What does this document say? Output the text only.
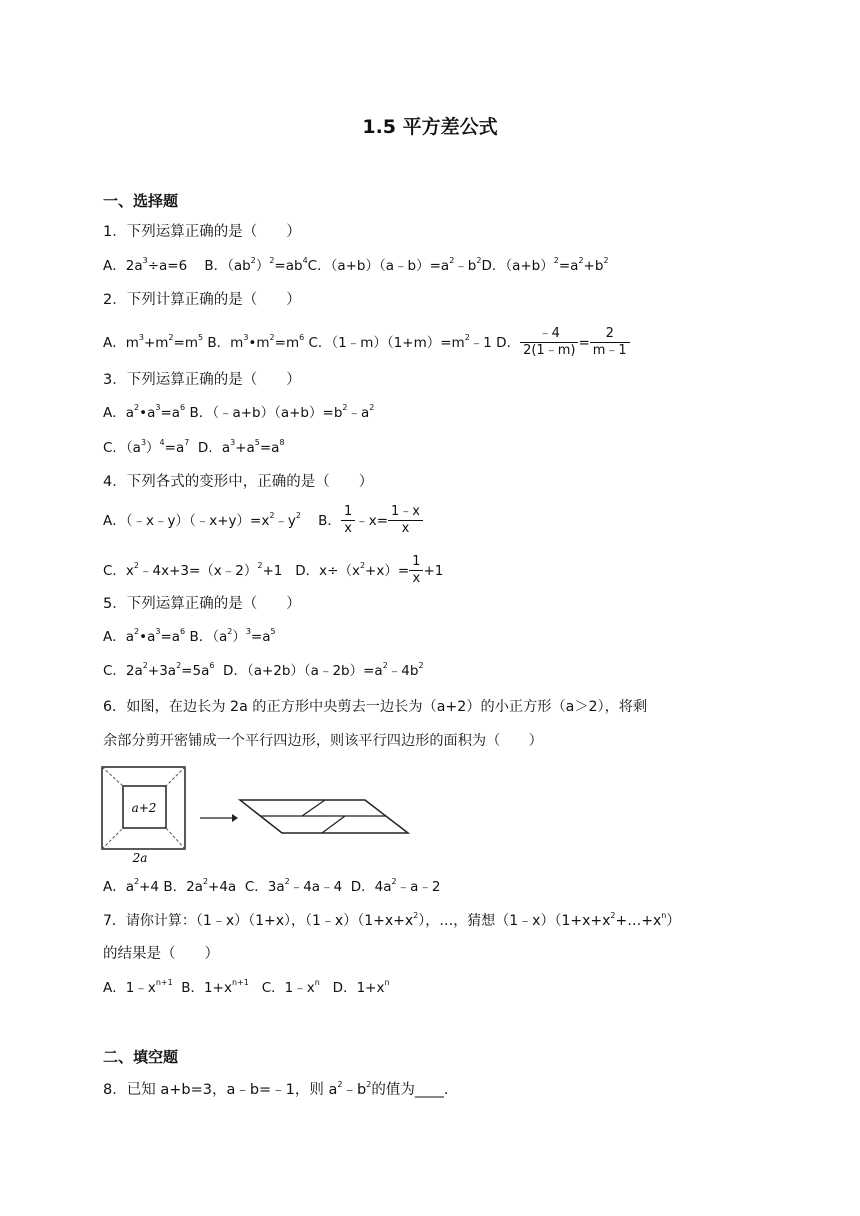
1.5 平方差公式
一、选择题
1．下列运算正确的是（　　）
A．$2a^3\div a=6$ B．$(ab^2)^2=ab^4C$．$(a+b)(a﹣b)=a^2﹣b^2D$．$(a+b)^2=a^2+b^2$
2．下列计算正确的是（　　）
A．$m^3+m^2=m^5$ B．$m^3•m^2=m^6$ C．$(1﹣m)(1+m)=m^2﹣1$ D． $\frac{﹣4}{2(1﹣m)} = \frac{2}{m﹣1}$
3．下列运算正确的是（　　）
A．$a^2•a^3=a^6$ B．$(﹣a+b)(a+b)=b^2﹣a^2$
C．$(a^3)^4=a^7$ D．$a^3+a^5=a^8$
4．下列各式的变形中，正确的是（　　）
A．$(﹣x﹣y)(﹣x+y)=x^2﹣y^2$ B． $\frac{1}{x}$ ﹣x= $\frac{1﹣x}{x}$
C．$x^2﹣4x+3=(x﹣2)^2+1$ D．$x\div(x^2+x)= \frac{1}{x} +1$
5．下列运算正确的是（　　）
A．$a^2•a^3=a^6$ B．$(a^2)^3=a^5$
C．$2a^2+3a^2=5a^6$ D．$(a+2b)(a﹣2b)=a^2﹣4b^2$
6．如图，在边长为 2a 的正方形中央剪去一边长为（a+2）的小正方形（a＞2），将剩
余部分剪开密铺成一个平行四边形，则该平行四边形的面积为（　　）
a+2
2a
A．$a^2+4$ B．$2a^2+4a$ C．$3a^2﹣4a﹣4$ D．$4a^2﹣a﹣2$
7．请你计算：（1﹣x）（1+x），$(1﹣x)(1+x+x^2)$，…，猜想$(1﹣x)(1+x+x^2+\dots+x^n)$
的结果是（　　）
A．$1﹣x^{n+1}$ B．$1+x^{n+1}$ C．$1﹣x^n$ D．$1+x^n$
二、填空题
8．已知 a+b=3，a﹣b=﹣1，则 $a^2﹣b^2$的值为____.
